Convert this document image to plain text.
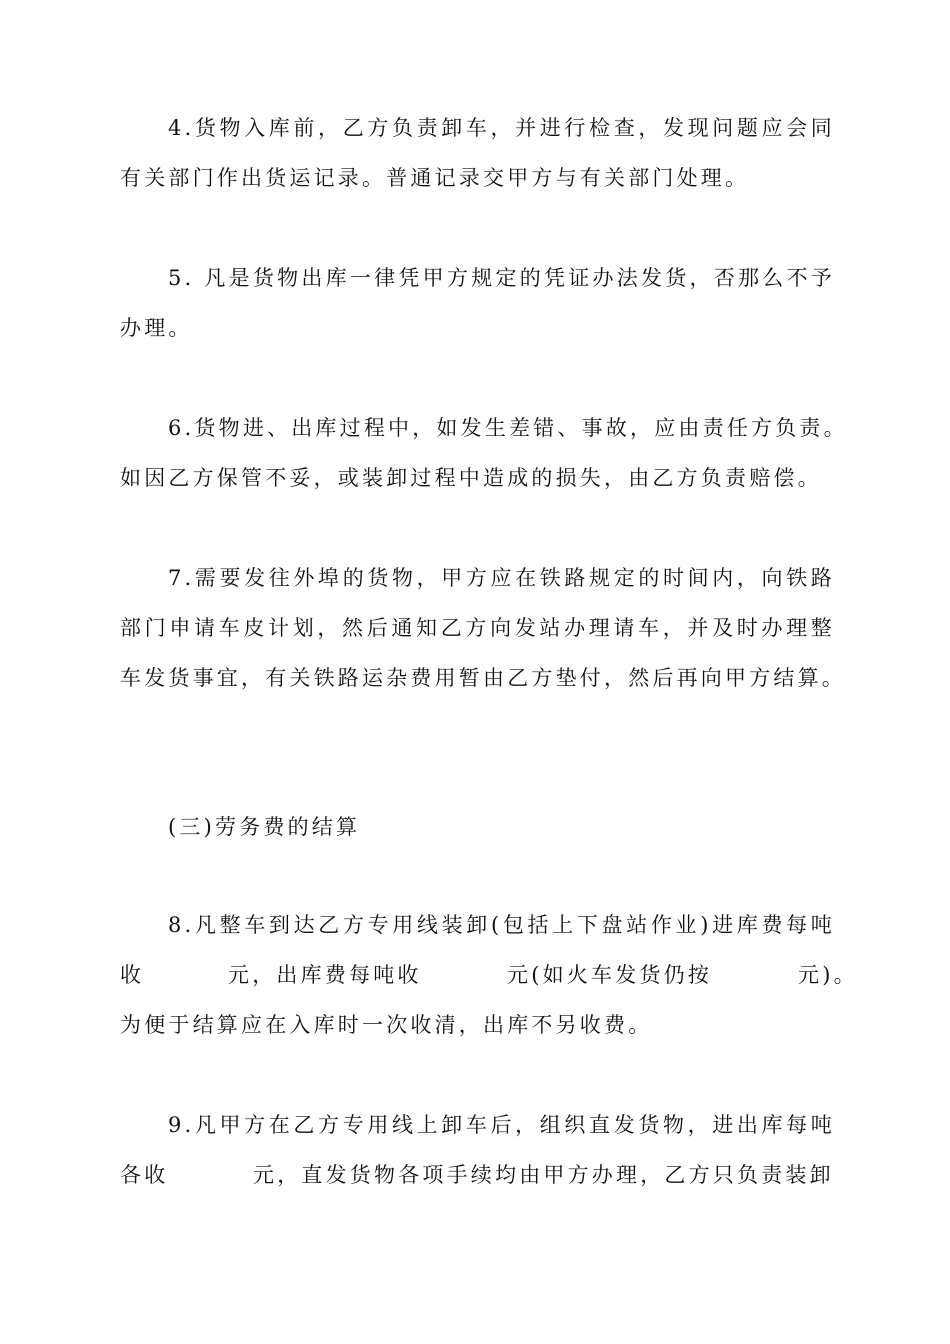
4.货物入库前，乙方负责卸车，并进行检查，发现问题应会同
有关部门作出货运记录。普通记录交甲方与有关部门处理。
5. 凡是货物出库一律凭甲方规定的凭证办法发货，否那么不予
办理。
6.货物进、出库过程中，如发生差错、事故，应由责任方负责。
如因乙方保管不妥，或装卸过程中造成的损失，由乙方负责赔偿。
7.需要发往外埠的货物，甲方应在铁路规定的时间内，向铁路
部门申请车皮计划，然后通知乙方向发站办理请车，并及时办理整
车发货事宜，有关铁路运杂费用暂由乙方垫付，然后再向甲方结算。
(三)劳务费的结算
8.凡整车到达乙方专用线装卸(包括上下盘站作业)进库费每吨
收	元，出库费每吨收	元(如火车发货仍按	元)。
为便于结算应在入库时一次收清，出库不另收费。
9.凡甲方在乙方专用线上卸车后，组织直发货物，进出库每吨
各收	元，直发货物各项手续均由甲方办理，乙方只负责装卸
